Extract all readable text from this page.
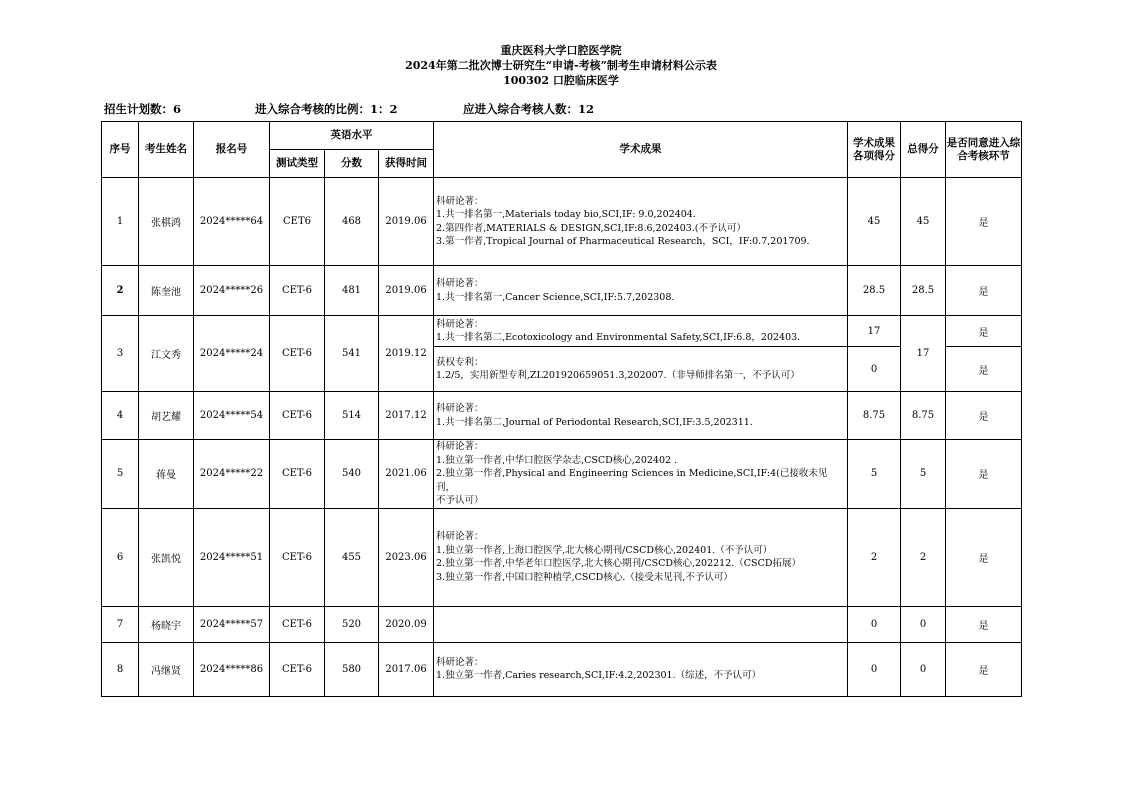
重庆医科大学口腔医学院
2024年第二批次博士研究生“申请-考核”制考生申请材料公示表
100302 口腔临床医学
招生计划数：6	进入综合考核的比例：1：2	应进入综合考核人数：12
序号	考生姓名	报名号	英语水平			学术成果	学术成果各项得分	总得分	是否同意进入综合考核环节
			测试类型	分数	获得时间				
1	张棋鸿	2024*****64	CET6	468	2019.06	科研论著：
1.共一排名第一,Materials today bio,SCI,IF: 9.0,202404.
2.第四作者,MATERIALS & DESIGN,SCI,IF:8.6,202403.(不予认可）
3.第一作者,Tropical Journal of Pharmaceutical Research，SCI，IF:0.7,201709.	45	45	是
2	陈奎池	2024*****26	CET-6	481	2019.06	科研论著：
1.共一排名第一,Cancer Science,SCI,IF:5.7,202308.	28.5	28.5	是
3	江文秀	2024*****24	CET-6	541	2019.12	科研论著：
1.共一排名第二,Ecotoxicology and Environmental Safety,SCI,IF:6.8，202403.	17	17	是

						获权专利：
1.2/5，实用新型专利,ZL201920659051.3,202007.（非导师排名第一，不予认可）	0		是
4	胡艺耀	2024*****54	CET-6	514	2017.12	科研论著：
1.共一排名第二,Journal of Periodontal Research,SCI,IF:3.5,202311.	8.75	8.75	是
5	蒋曼	2024*****22	CET-6	540	2021.06	科研论著：
1.独立第一作者,中华口腔医学杂志,CSCD核心,202402 .
2.独立第一作者,Physical and Engineering Sciences in Medicine,SCI,IF:4(已接收未见刊，
不予认可）	5	5	是
6	张凯悦	2024*****51	CET-6	455	2023.06	科研论著：
1.独立第一作者,上海口腔医学,北大核心期刊/CSCD核心,202401.（不予认可）
2.独立第一作者,中华老年口腔医学,北大核心期刊/CSCD核心,202212.（CSCD拓展）
3.独立第一作者,中国口腔种植学,CSCD核心.（接受未见刊,不予认可）	2	2	是
7	杨晓宇	2024*****57	CET-6	520	2020.09		0	0	是
8	冯继贤	2024*****86	CET-6	580	2017.06	科研论著：
1.独立第一作者,Caries research,SCI,IF:4.2,202301.（综述，不予认可）	0	0	是
